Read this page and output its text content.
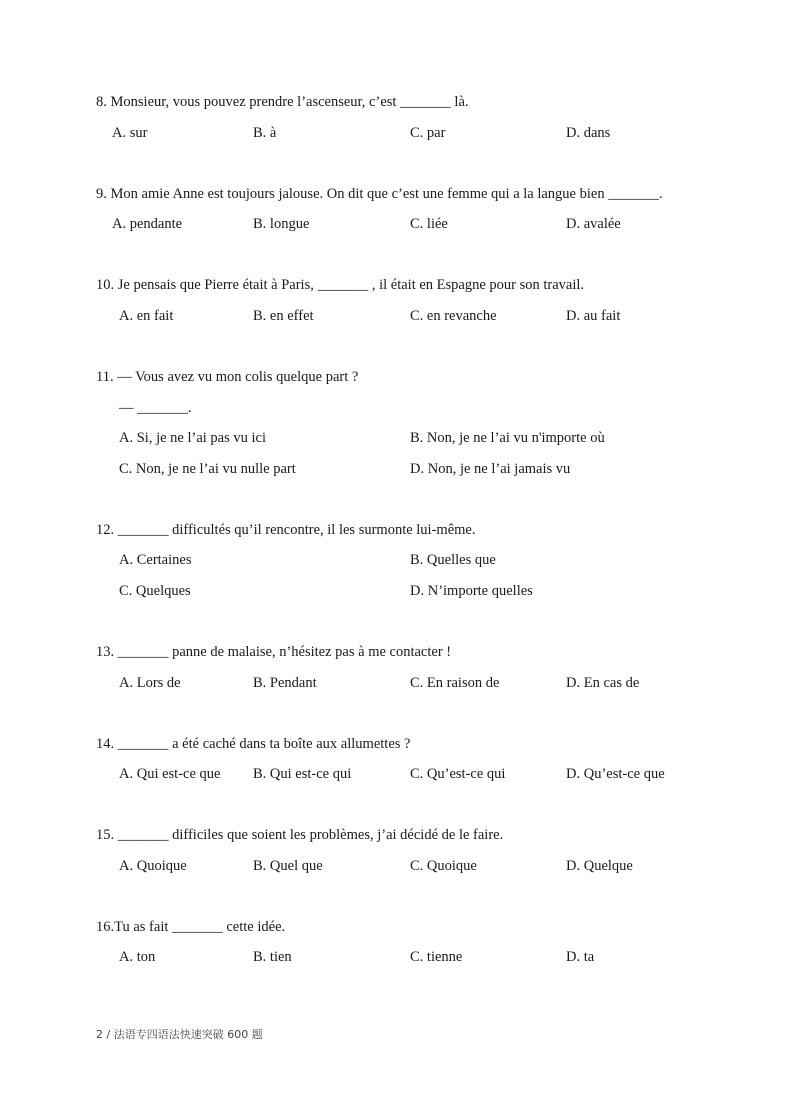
8. Monsieur, vous pouvez prendre l’ascenseur, c’est _______ là.
A. sur	B. à	C. par	D. dans
9. Mon amie Anne est toujours jalouse. On dit que c’est une femme qui a la langue bien _______.
A. pendante	B. longue	C. liée	D. avalée
10. Je pensais que Pierre était à Paris, _______ , il était en Espagne pour son travail.
A. en fait	B. en effet	C. en revanche	D. au fait
11. — Vous avez vu mon colis quelque part ?
— _______.
A. Si, je ne l’ai pas vu ici	B. Non, je ne l’ai vu n'importe où
C. Non, je ne l’ai vu nulle part	D. Non, je ne l’ai jamais vu
12. _______ difficultés qu’il rencontre, il les surmonte lui-même.
A. Certaines	B. Quelles que
C. Quelques	D. N’importe quelles
13. _______ panne de malaise, n’hésitez pas à me contacter !
A. Lors de	B. Pendant	C. En raison de	D. En cas de
14. _______ a été caché dans ta boîte aux allumettes ?
A. Qui est-ce que B. Qui est-ce qui	C. Qu’est-ce qui	D. Qu’est-ce que
15. _______ difficiles que soient les problèmes, j’ai décidé de le faire.
A. Quoique	B. Quel que	C. Quoique	D. Quelque
16.Tu as fait _______ cette idée.
A. ton	B. tien	C. tienne	D. ta
2 / 法语专四语法快速突破 600 题
